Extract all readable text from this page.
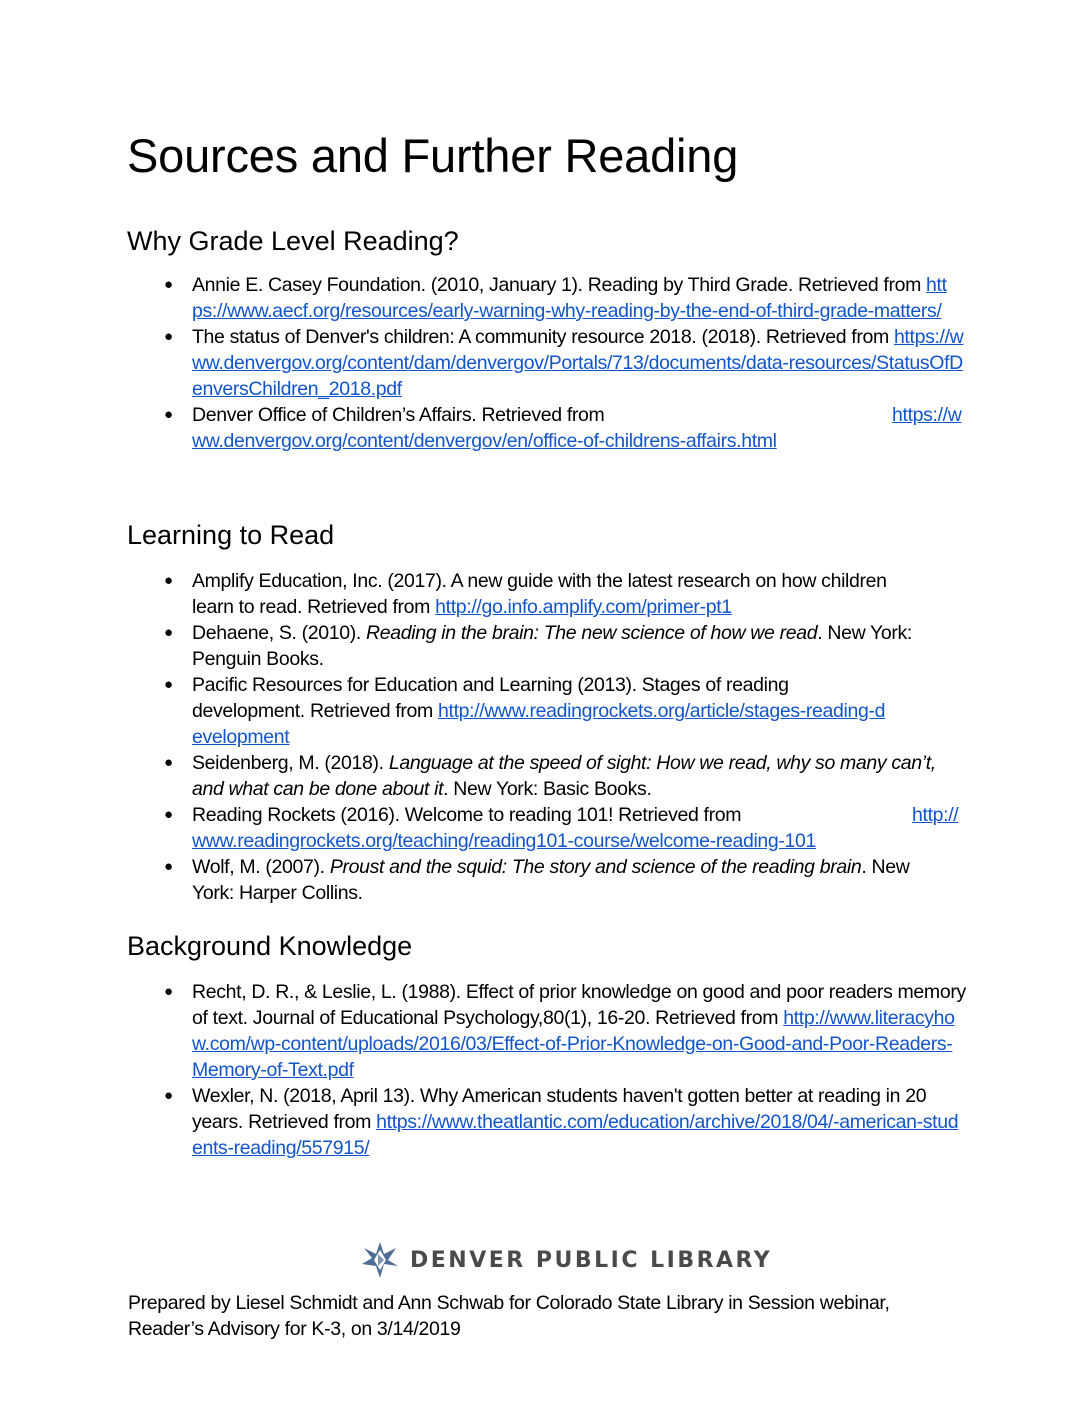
Sources and Further Reading
Why Grade Level Reading?
● Annie E. Casey Foundation. (2010, January 1). Reading by Third Grade. Retrieved from https://www.aecf.org/resources/early-warning-why-reading-by-the-end-of-third-grade-matters/
● The status of Denver's children: A community resource 2018. (2018). Retrieved from https://www.denvergov.org/content/dam/denvergov/Portals/713/documents/data-resources/StatusOfDenversChildren_2018.pdf
● Denver Office of Children’s Affairs. Retrieved from	https://www.denvergov.org/content/denvergov/en/office-of-childrens-affairs.html
Learning to Read
● Amplify Education, Inc. (2017). A new guide with the latest research on how children learn to read. Retrieved from http://go.info.amplify.com/primer-pt1
● Dehaene, S. (2010). Reading in the brain: The new science of how we read. New York: Penguin Books.
● Pacific Resources for Education and Learning (2013). Stages of reading development. Retrieved from http://www.readingrockets.org/article/stages-reading-development
● Seidenberg, M. (2018). Language at the speed of sight: How we read, why so many can’t, and what can be done about it. New York: Basic Books.
● Reading Rockets (2016). Welcome to reading 101! Retrieved from	http://www.readingrockets.org/teaching/reading101-course/welcome-reading-101
● Wolf, M. (2007). Proust and the squid: The story and science of the reading brain. New York: Harper Collins.
Background Knowledge
● Recht, D. R., & Leslie, L. (1988). Effect of prior knowledge on good and poor readers memory of text. Journal of Educational Psychology,80(1), 16-20. Retrieved from http://www.literacyhow.com/wp-content/uploads/2016/03/Effect-of-Prior-Knowledge-on-Good-and-Poor-Readers-Memory-of-Text.pdf
● Wexler, N. (2018, April 13). Why American students haven't gotten better at reading in 20 years. Retrieved from https://www.theatlantic.com/education/archive/2018/04/-american-students-reading/557915/
DENVER PUBLIC LIBRARY
Prepared by Liesel Schmidt and Ann Schwab for Colorado State Library in Session webinar,
Reader’s Advisory for K-3, on 3/14/2019
